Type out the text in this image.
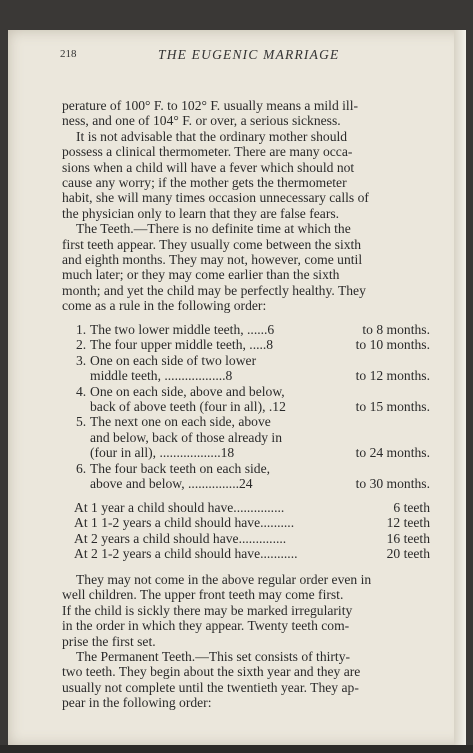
218	THE EUGENIC MARRIAGE

perature of 100° F. to 102° F. usually means a mild ill-

ness, and one of 104° F. or over, a serious sickness.

It is not advisable that the ordinary mother should

possess a clinical thermometer. There are many occa-

sions when a child will have a fever which should not

cause any worry; if the mother gets the thermometer

habit, she will many times occasion unnecessary calls of

the physician only to learn that they are false fears.

The Teeth.—There is no definite time at which the

first teeth appear. They usually come between the sixth

and eighth months. They may not, however, come until

much later; or they may come earlier than the sixth

month; and yet the child may be perfectly healthy. They

come as a rule in the following order:

1. The two lower middle teeth, ......6	to 8 months.
2. The four upper middle teeth, .....8	to 10 months.
3. One on each side of two lower
middle teeth, ..................8	to 12 months.
4. One on each side, above and below,
back of above teeth (four in all), .12	to 15 months.
5. The next one on each side, above
and below, back of those already in
(four in all), ..................18	to 24 months.
6. The four back teeth on each side,
above and below, ...............24	to 30 months.
At 1 year a child should have...............	6 teeth
At 1 1-2 years a child should have..........	12 teeth
At 2 years a child should have..............	16 teeth
At 2 1-2 years a child should have...........	20 teeth

They may not come in the above regular order even in

well children. The upper front teeth may come first.

If the child is sickly there may be marked irregularity

in the order in which they appear. Twenty teeth com-

prise the first set.

The Permanent Teeth.—This set consists of thirty-

two teeth. They begin about the sixth year and they are

usually not complete until the twentieth year. They ap-

pear in the following order:
